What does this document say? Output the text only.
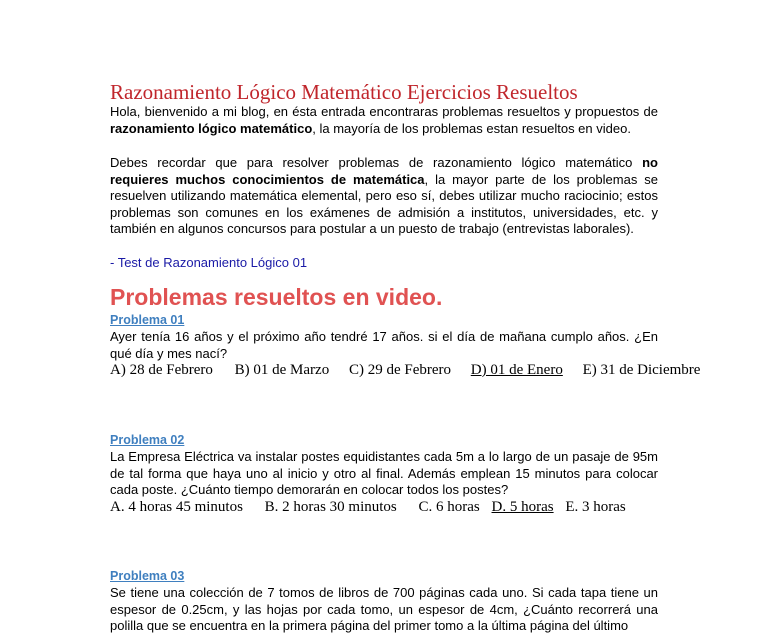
Razonamiento Lógico Matemático Ejercicios Resueltos
Hola, bienvenido a mi blog, en ésta entrada encontraras problemas resueltos y propuestos de razonamiento lógico matemático, la mayoría de los problemas estan resueltos en video.
Debes recordar que para resolver problemas de razonamiento lógico matemático no requieres muchos conocimientos de matemática, la mayor parte de los problemas se resuelven utilizando matemática elemental, pero eso sí, debes utilizar mucho raciocinio; estos problemas son comunes en los exámenes de admisión a institutos, universidades, etc. y también en algunos concursos para postular a un puesto de trabajo (entrevistas laborales).
- Test de Razonamiento Lógico 01
Problemas resueltos en video.
Problema 01
Ayer tenía 16 años y el próximo año tendré 17 años. si el día de mañana cumplo años. ¿En qué día y mes nací?
A) 28 de Febrero B) 01 de Marzo C) 29 de Febrero D) 01 de Enero E) 31 de Diciembre
Problema 02
La Empresa Eléctrica va instalar postes equidistantes cada 5m a lo largo de un pasaje de 95m de tal forma que haya uno al inicio y otro al final. Además emplean 15 minutos para colocar cada poste. ¿Cuánto tiempo demorarán en colocar todos los postes?
A. 4 horas 45 minutos B. 2 horas 30 minutos C. 6 horas D. 5 horas E. 3 horas
Problema 03
Se tiene una colección de 7 tomos de libros de 700 páginas cada uno. Si cada tapa tiene un espesor de 0.25cm, y las hojas por cada tomo, un espesor de 4cm, ¿Cuánto recorrerá una polilla que se encuentra en la primera página del primer tomo a la última página del último
